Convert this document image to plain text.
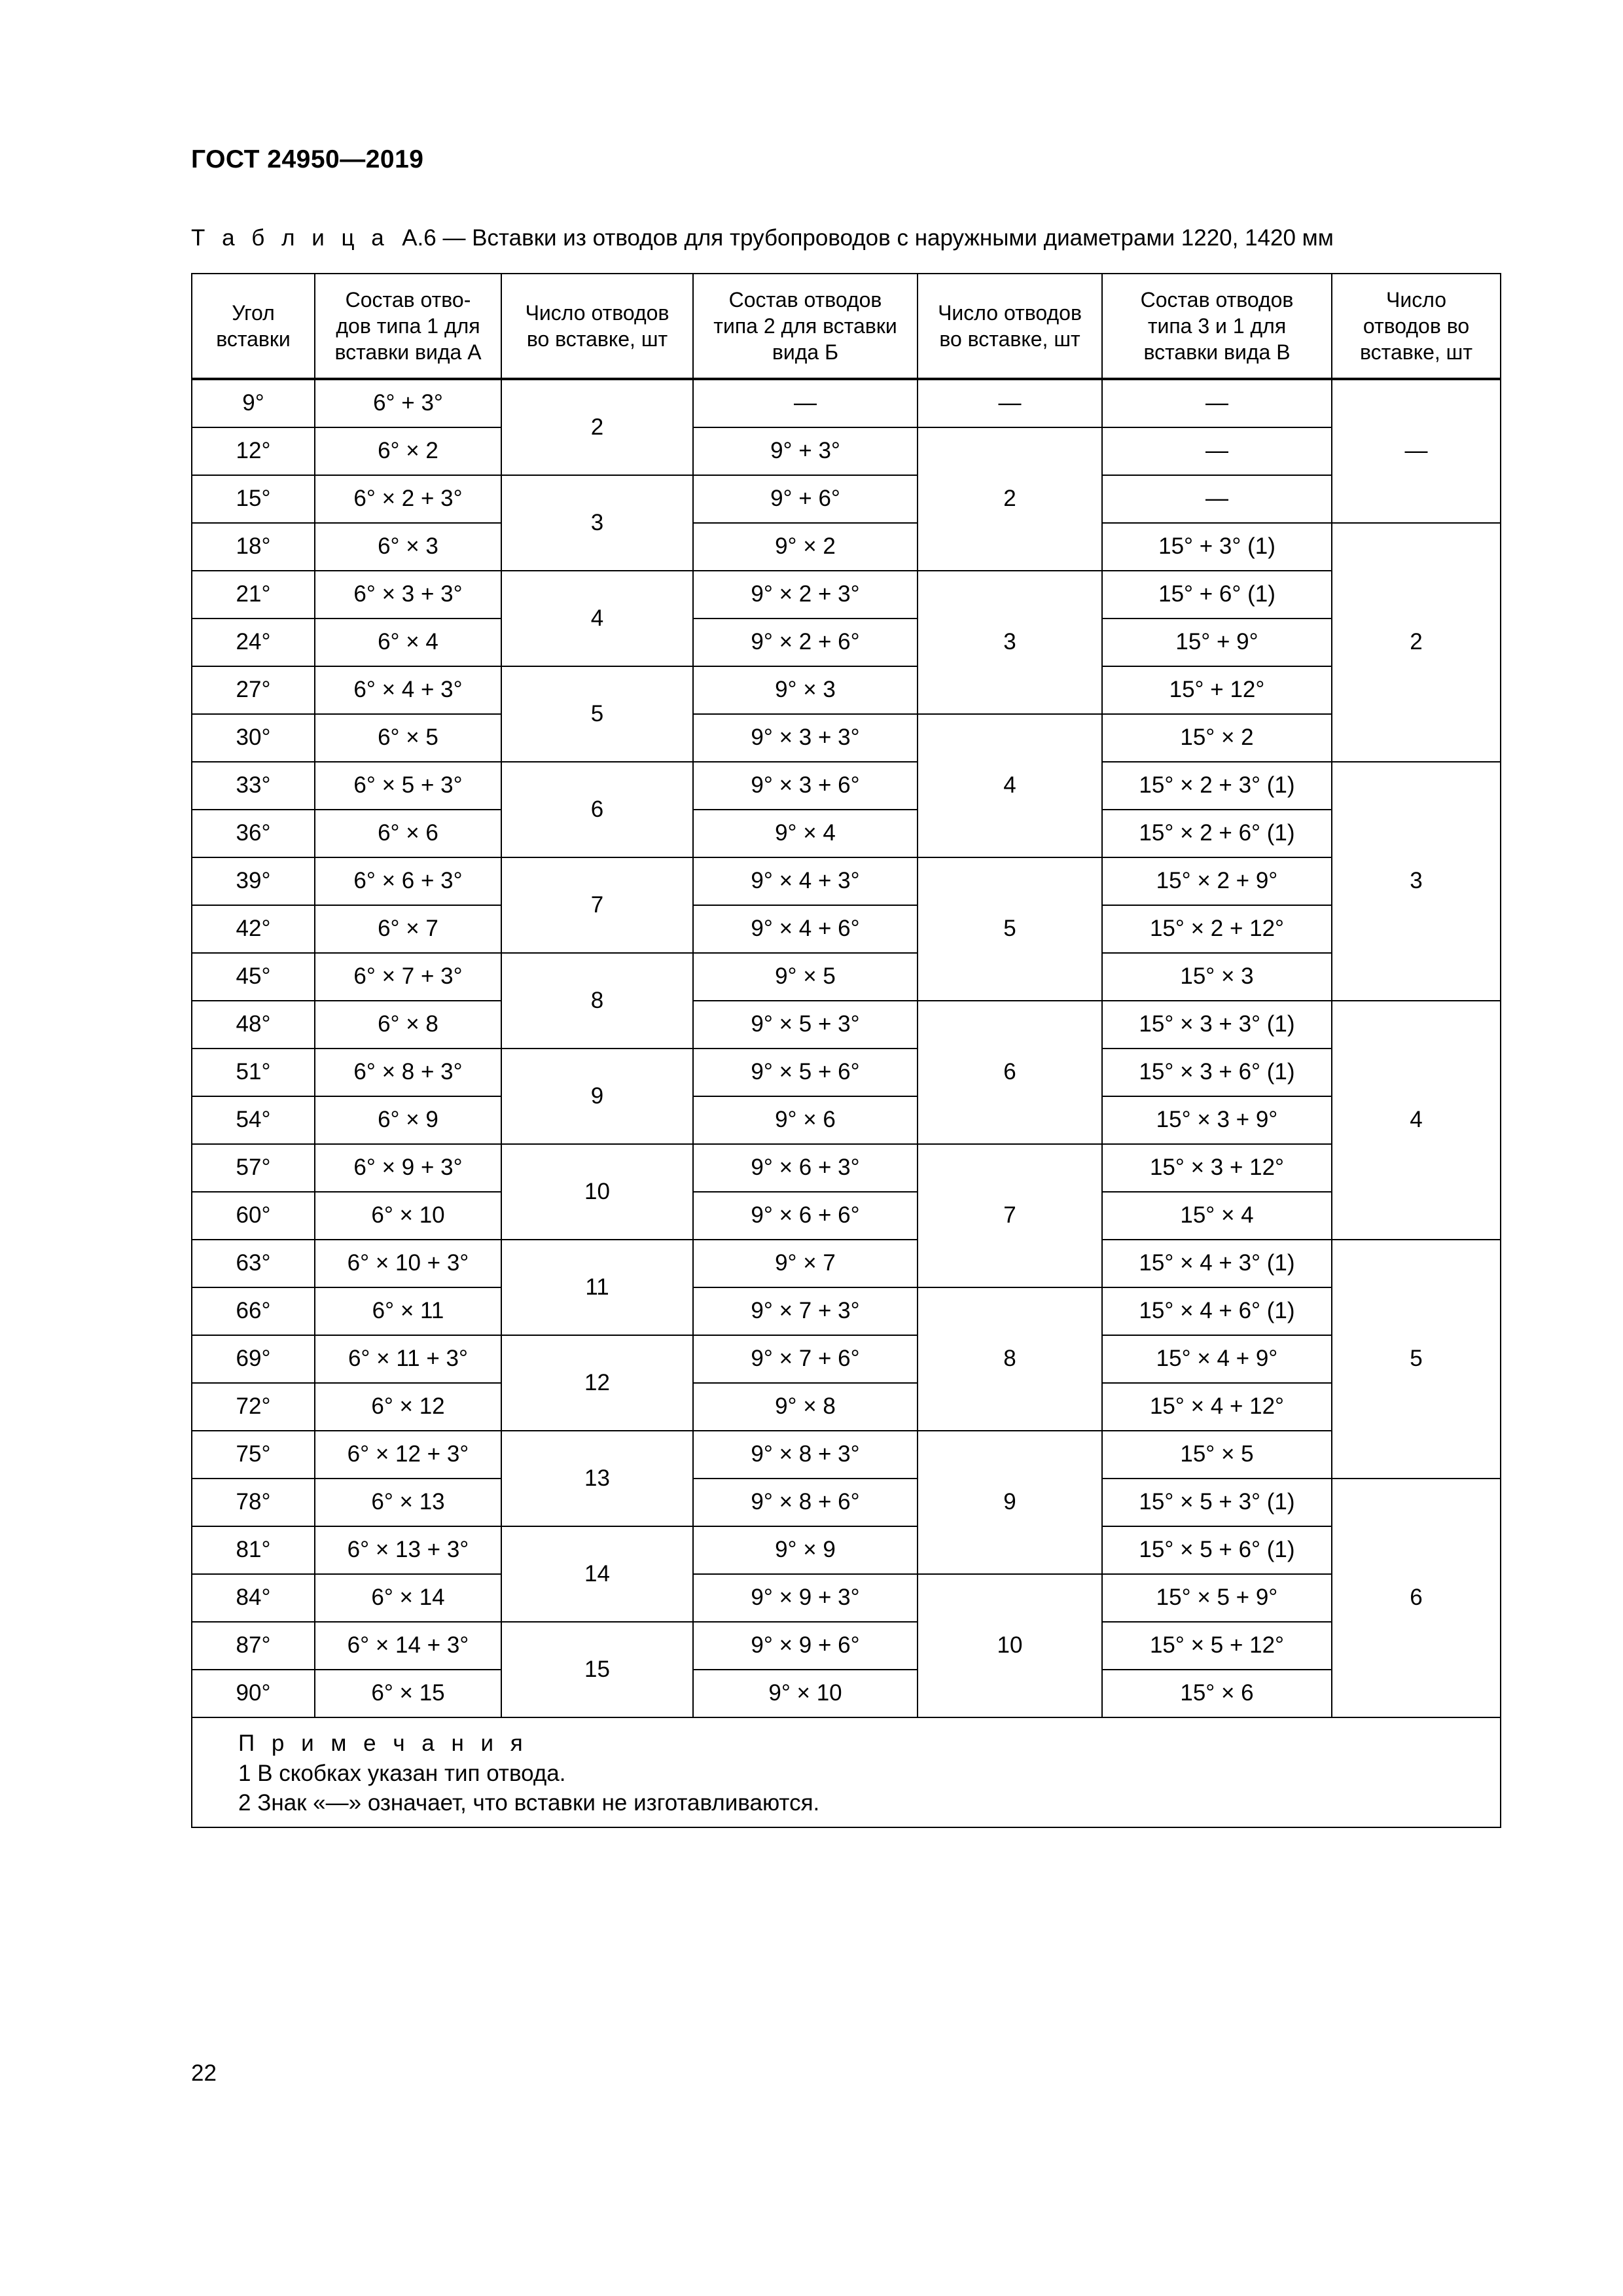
ГОСТ 24950—2019
Т а б л и ц а А.6 — Вставки из отводов для трубопроводов с наружными диаметрами 1220, 1420 мм
Угол вставки	Состав отво-дов типа 1 для вставки вида А	Число отводов во вставке, шт	Состав отводов типа 2 для вставки вида Б	Число отводов во вставке, шт	Состав отводов типа 3 и 1 для вставки вида В	Число отводов во вставке, шт

9°	6° + 3°	2	—	—	—	—
12°	6° × 2		9° + 3°	2	—	
15°	6° × 2 + 3°	3	9° + 6°		—	
18°	6° × 3		9° × 2		15° + 3° (1)	2
21°	6° × 3 + 3°	4	9° × 2 + 3°	3	15° + 6° (1)	
24°	6° × 4		9° × 2 + 6°		15° + 9°	
27°	6° × 4 + 3°	5	9° × 3		15° + 12°	
30°	6° × 5		9° × 3 + 3°	4	15° × 2	
33°	6° × 5 + 3°	6	9° × 3 + 6°		15° × 2 + 3° (1)	3
36°	6° × 6		9° × 4		15° × 2 + 6° (1)	
39°	6° × 6 + 3°	7	9° × 4 + 3°	5	15° × 2 + 9°	
42°	6° × 7		9° × 4 + 6°		15° × 2 + 12°	
45°	6° × 7 + 3°	8	9° × 5		15° × 3	
48°	6° × 8		9° × 5 + 3°	6	15° × 3 + 3° (1)	4
51°	6° × 8 + 3°	9	9° × 5 + 6°		15° × 3 + 6° (1)	
54°	6° × 9		9° × 6		15° × 3 + 9°	
57°	6° × 9 + 3°	10	9° × 6 + 3°	7	15° × 3 + 12°	
60°	6° × 10		9° × 6 + 6°		15° × 4	
63°	6° × 10 + 3°	11	9° × 7		15° × 4 + 3° (1)	5
66°	6° × 11		9° × 7 + 3°	8	15° × 4 + 6° (1)	
69°	6° × 11 + 3°	12	9° × 7 + 6°		15° × 4 + 9°	
72°	6° × 12		9° × 8		15° × 4 + 12°	
75°	6° × 12 + 3°	13	9° × 8 + 3°	9	15° × 5	
78°	6° × 13		9° × 8 + 6°		15° × 5 + 3° (1)	6
81°	6° × 13 + 3°	14	9° × 9		15° × 5 + 6° (1)	
84°	6° × 14		9° × 9 + 3°	10	15° × 5 + 9°	
87°	6° × 14 + 3°	15	9° × 9 + 6°		15° × 5 + 12°	
90°	6° × 15		9° × 10		15° × 6	

П р и м е ч а н и я
1 В скобках указан тип отвода.
2 Знак «—» означает, что вставки не изготавливаются.						
22
